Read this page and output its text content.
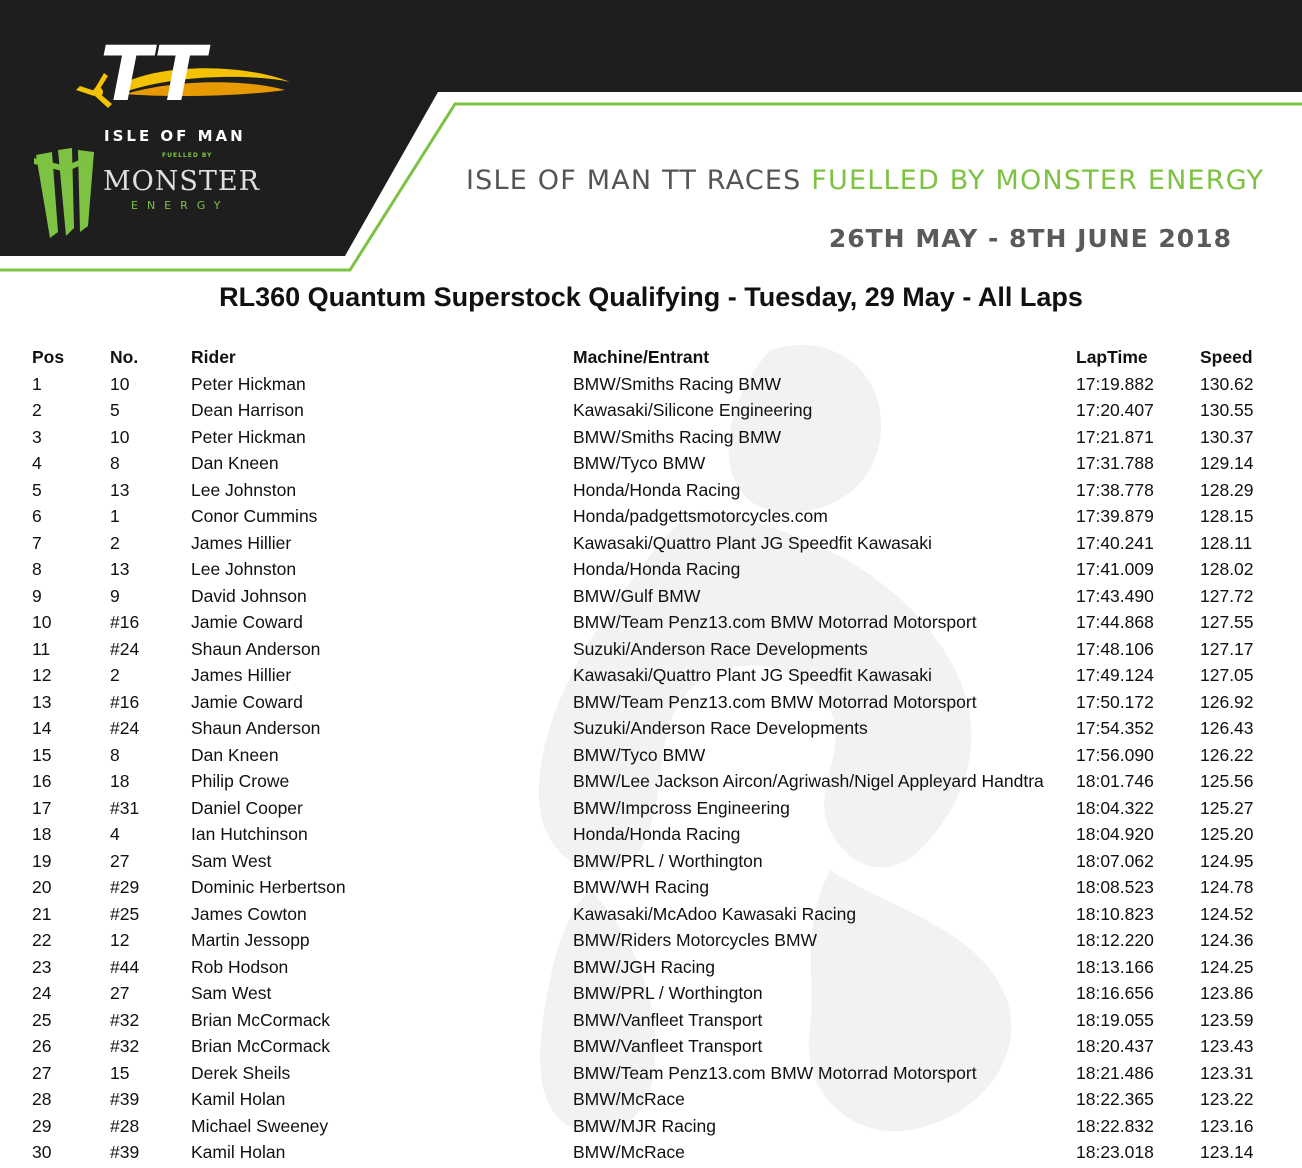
TT
ISLE OF MAN
FUELLED BY
MONSTER
ENERGY
ISLE OF MAN TT RACES FUELLED BY MONSTER ENERGY
26TH MAY - 8TH JUNE 2018
RL360 Quantum Superstock Qualifying - Tuesday, 29 May - All Laps
Pos	No.	Rider	Machine/Entrant	LapTime	Speed
1	10	Peter Hickman	BMW/Smiths Racing BMW	17:19.882	130.62
2	5	Dean Harrison	Kawasaki/Silicone Engineering	17:20.407	130.55
3	10	Peter Hickman	BMW/Smiths Racing BMW	17:21.871	130.37
4	8	Dan Kneen	BMW/Tyco BMW	17:31.788	129.14
5	13	Lee Johnston	Honda/Honda Racing	17:38.778	128.29
6	1	Conor Cummins	Honda/padgettsmotorcycles.com	17:39.879	128.15
7	2	James Hillier	Kawasaki/Quattro Plant JG Speedfit Kawasaki	17:40.241	128.11
8	13	Lee Johnston	Honda/Honda Racing	17:41.009	128.02
9	9	David Johnson	BMW/Gulf BMW	17:43.490	127.72
10	#16	Jamie Coward	BMW/Team Penz13.com BMW Motorrad Motorsport	17:44.868	127.55
11	#24	Shaun Anderson	Suzuki/Anderson Race Developments	17:48.106	127.17
12	2	James Hillier	Kawasaki/Quattro Plant JG Speedfit Kawasaki	17:49.124	127.05
13	#16	Jamie Coward	BMW/Team Penz13.com BMW Motorrad Motorsport	17:50.172	126.92
14	#24	Shaun Anderson	Suzuki/Anderson Race Developments	17:54.352	126.43
15	8	Dan Kneen	BMW/Tyco BMW	17:56.090	126.22
16	18	Philip Crowe	BMW/Lee Jackson Aircon/Agriwash/Nigel Appleyard Handtra 18:01.746	125.56
17	#31	Daniel Cooper	BMW/Impcross Engineering	18:04.322	125.27
18	4	Ian Hutchinson	Honda/Honda Racing	18:04.920	125.20
19	27	Sam West	BMW/PRL / Worthington	18:07.062	124.95
20	#29	Dominic Herbertson	BMW/WH Racing	18:08.523	124.78
21	#25	James Cowton	Kawasaki/McAdoo Kawasaki Racing	18:10.823	124.52
22	12	Martin Jessopp	BMW/Riders Motorcycles BMW	18:12.220	124.36
23	#44	Rob Hodson	BMW/JGH Racing	18:13.166	124.25
24	27	Sam West	BMW/PRL / Worthington	18:16.656	123.86
25	#32	Brian McCormack	BMW/Vanfleet Transport	18:19.055	123.59
26	#32	Brian McCormack	BMW/Vanfleet Transport	18:20.437	123.43
27	15	Derek Sheils	BMW/Team Penz13.com BMW Motorrad Motorsport	18:21.486	123.31
28	#39	Kamil Holan	BMW/McRace	18:22.365	123.22
29	#28	Michael Sweeney	BMW/MJR Racing	18:22.832	123.16
30	#39	Kamil Holan	BMW/McRace	18:23.018	123.14
